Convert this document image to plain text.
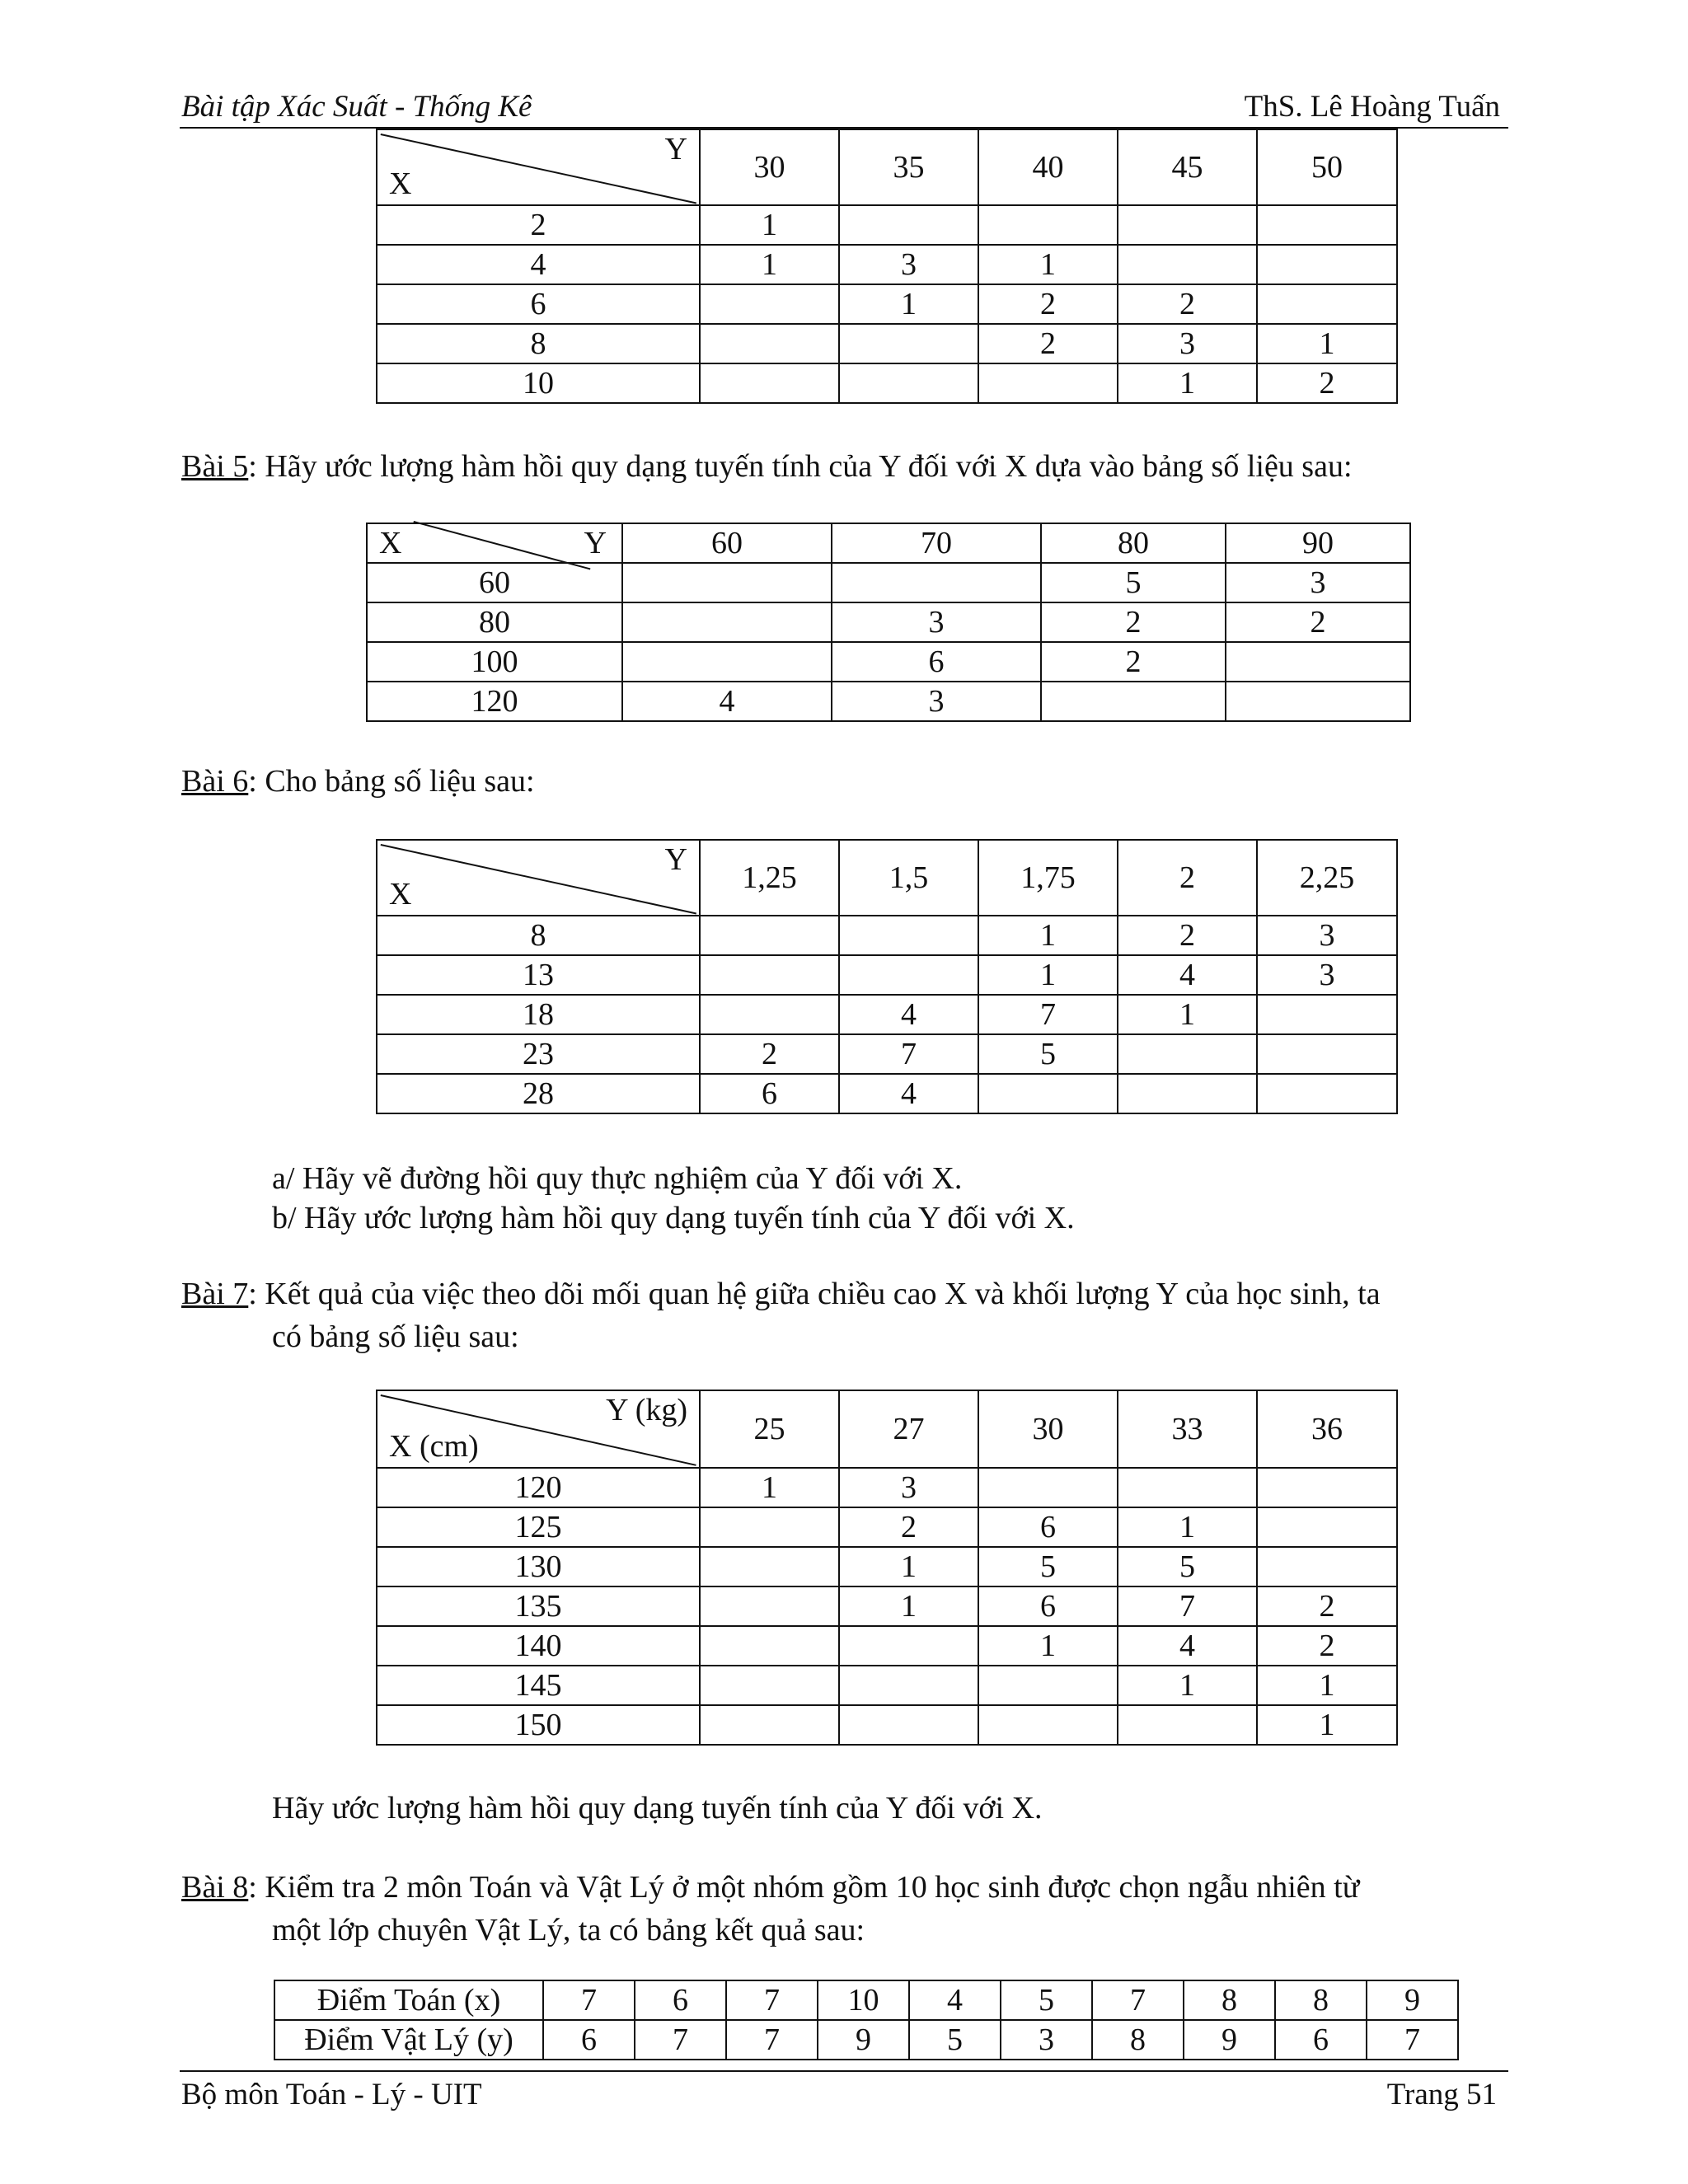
Bài tập Xác Suất - Thống Kê	ThS. Lê Hoàng Tuấn
Y
X	30	35	40	45	50
2	1				
4	1	3	1		
6		1	2	2	
8			2	3	1
10				1	2
Bài 5: Hãy ước lượng hàm hồi quy dạng tuyến tính của Y đối với X dựa vào bảng số liệu sau:
X Y	60	70	80	90
60			5	3
80		3	2	2
100		6	2	
120	4	3		
Bài 6: Cho bảng số liệu sau:
Y
X	1,25	1,5	1,75	2	2,25
8			1	2	3
13			1	4	3
18		4	7	1	
23	2	7	5		
28	6	4			
a/ Hãy vẽ đường hồi quy thực nghiệm của Y đối với X.
b/ Hãy ước lượng hàm hồi quy dạng tuyến tính của Y đối với X.
Bài 7: Kết quả của việc theo dõi mối quan hệ giữa chiều cao X và khối lượng Y của học sinh, ta
có bảng số liệu sau:
Y (kg)
X (cm)	25	27	30	33	36
120	1	3			
125		2	6	1	
130		1	5	5	
135		1	6	7	2
140			1	4	2
145				1	1
150					1
Hãy ước lượng hàm hồi quy dạng tuyến tính của Y đối với X.
Bài 8: Kiểm tra 2 môn Toán và Vật Lý ở một nhóm gồm 10 học sinh được chọn ngẫu nhiên từ
một lớp chuyên Vật Lý, ta có bảng kết quả sau:
Điểm Toán (x)	7	6	7	10	4	5	7	8	8	9
Điểm Vật Lý (y)	6	7	7	9	5	3	8	9	6	7
Bộ môn Toán - Lý - UIT	Trang 51
